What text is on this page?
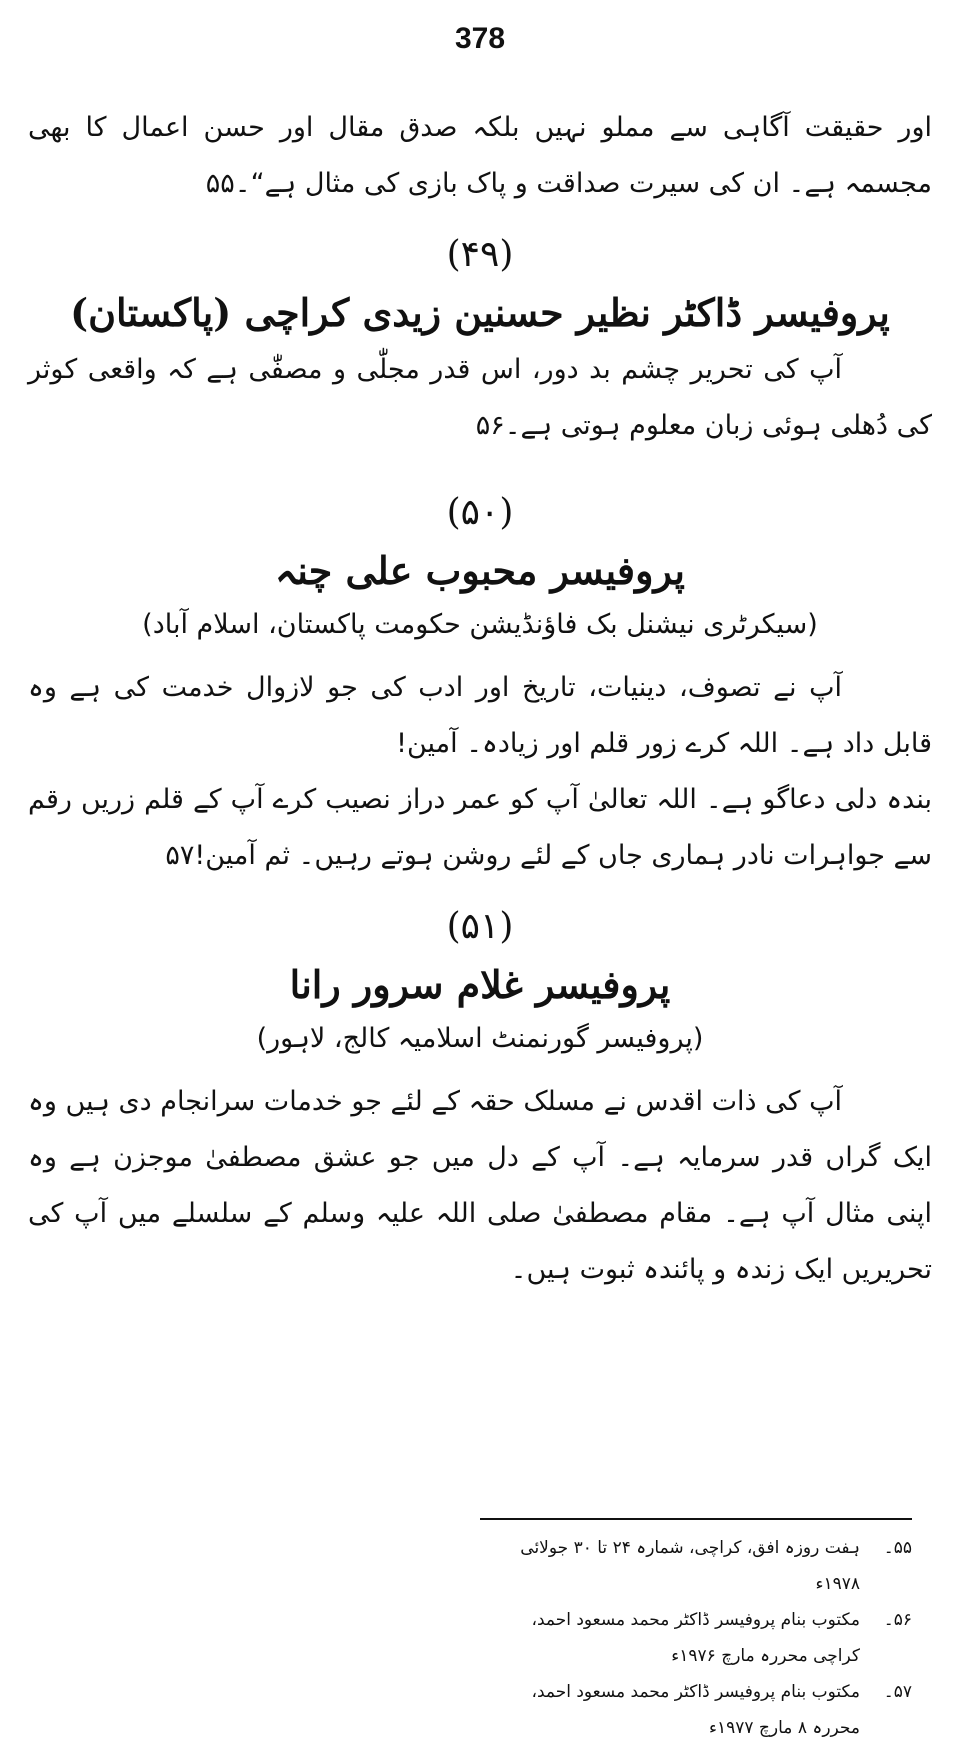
378

اور حقیقت آگاہی سے مملو نہیں بلکہ صدق مقال اور حسن اعمال کا بھی مجسمہ ہے۔ ان کی سیرت صداقت و پاک بازی کی مثال ہے“۔۵۵

(۴۹)
پروفیسر ڈاکٹر نظیر حسنین زیدی کراچی (پاکستان)

آپ کی تحریر چشم بد دور، اس قدر مجلّٰی و مصفّٰی ہے کہ واقعی کوثر کی دُھلی ہوئی زبان معلوم ہوتی ہے۔۵۶

(۵۰)
پروفیسر محبوب علی چنہ
(سیکرٹری نیشنل بک فاؤنڈیشن حکومت پاکستان، اسلام آباد)

آپ نے تصوف، دینیات، تاریخ اور ادب کی جو لازوال خدمت کی ہے وہ قابل داد ہے۔ اللہ کرے زور قلم اور زیادہ۔ آمین!

بندہ دلی دعاگو ہے۔ اللہ تعالیٰ آپ کو عمر دراز نصیب کرے آپ کے قلم زریں رقم سے جواہرات نادر ہماری جاں کے لئے روشن ہوتے رہیں۔ ثم آمین!۵۷

(۵۱)
پروفیسر غلام سرور رانا
(پروفیسر گورنمنٹ اسلامیہ کالج، لاہور)

آپ کی ذات اقدس نے مسلک حقہ کے لئے جو خدمات سرانجام دی ہیں وہ ایک گراں قدر سرمایہ ہے۔ آپ کے دل میں جو عشق مصطفیٰ موجزن ہے وہ اپنی مثال آپ ہے۔ مقام مصطفیٰ صلی اللہ علیہ وسلم کے سلسلے میں آپ کی تحریریں ایک زندہ و پائندہ ثبوت ہیں۔

۵۵۔
ہفت روزہ افق، کراچی، شمارہ ۲۴ تا ۳۰ جولائی ۱۹۷۸ء
۵۶۔
مکتوب بنام پروفیسر ڈاکٹر محمد مسعود احمد، کراچی محررہ مارچ ۱۹۷۶ء
۵۷۔
مکتوب بنام پروفیسر ڈاکٹر محمد مسعود احمد، محررہ ۸ مارچ ۱۹۷۷ء
